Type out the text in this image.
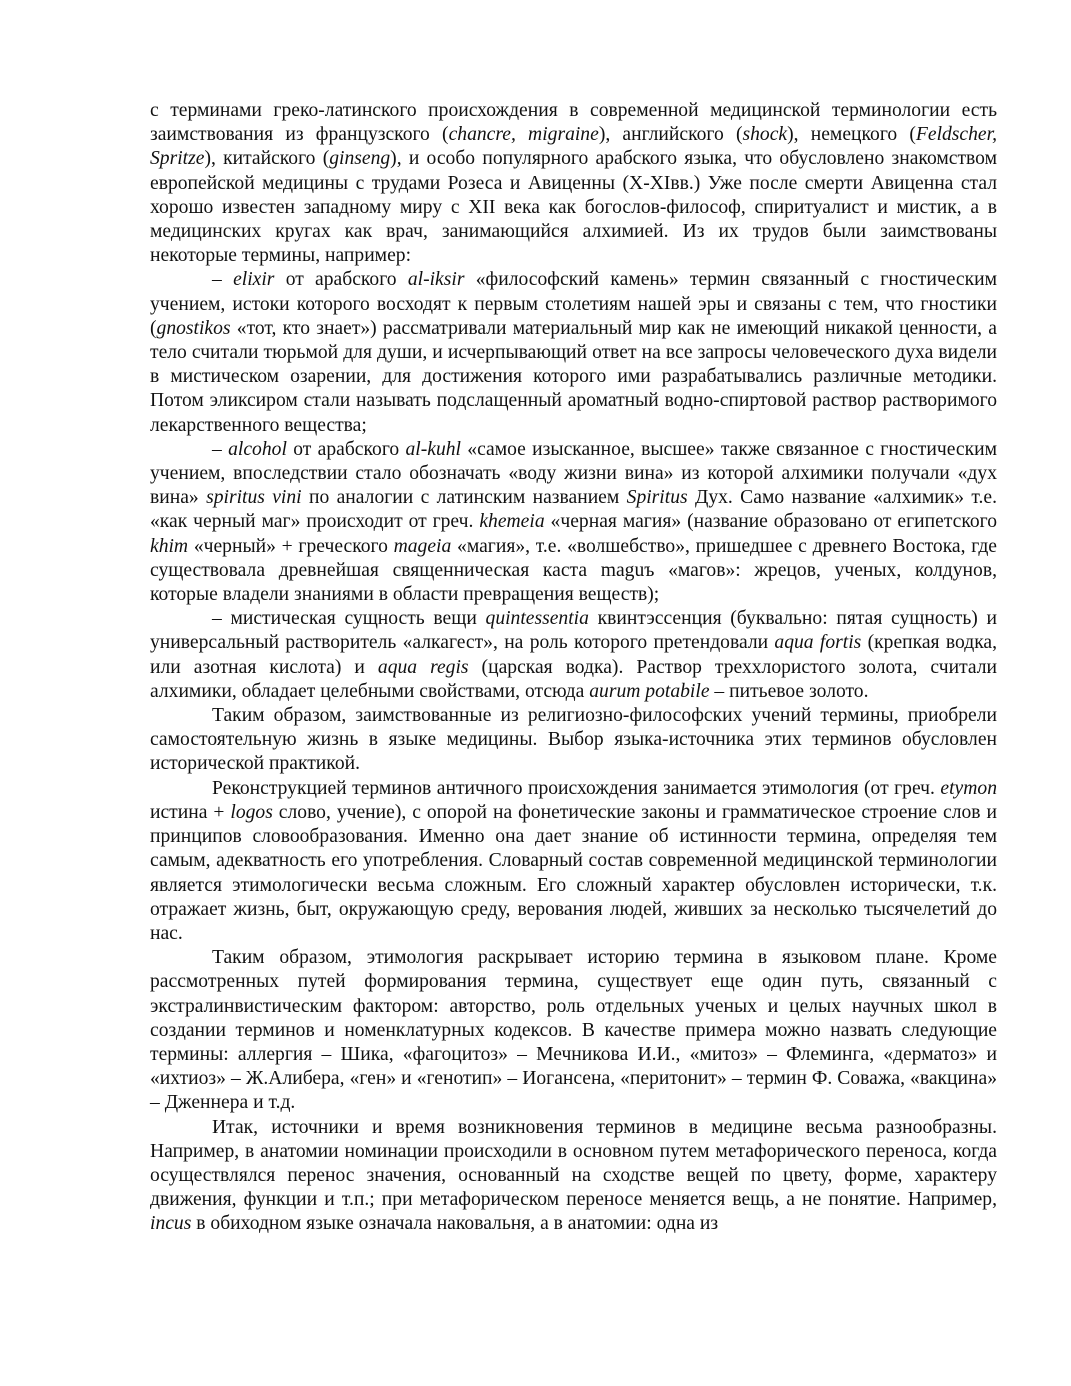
с терминами греко-латинского происхождения в современной медицинской терминологии есть заимствования из французского (chancre, migraine), английского (shock), немецкого (Feldscher, Spritze), китайского (ginseng), и особо популярного арабского языка, что обусловлено знакомством европейской медицины с трудами Розеса и Авиценны (X-XIвв.) Уже после смерти Авиценна стал хорошо известен западному миру с XII века как богослов-философ, спиритуалист и мистик, а в медицинских кругах как врач, занимающийся алхимией. Из их трудов были заимствованы некоторые термины, например:

– elixir от арабского al-iksir «философский камень» термин связанный с гностическим учением, истоки которого восходят к первым столетиям нашей эры и связаны с тем, что гностики (gnostikos «тот, кто знает») рассматривали материальный мир как не имеющий никакой ценности, а тело считали тюрьмой для души, и исчерпывающий ответ на все запросы человеческого духа видели в мистическом озарении, для достижения которого ими разрабатывались различные методики. Потом эликсиром стали называть подслащенный ароматный водно-спиртовой раствор растворимого лекарственного вещества;

– alcohol от арабского al-kuhl «самое изысканное, высшее» также связанное с гностическим учением, впоследствии стало обозначать «воду жизни вина» из которой алхимики получали «дух вина» spiritus vini по аналогии с латинским названием Spiritus Дух. Само название «алхимик» т.е. «как черный маг» происходит от греч. khemeia «черная магия» (название образовано от египетского khim «черный» + греческого mageia «магия», т.е. «волшебство», пришедшее с древнего Востока, где существовала древнейшая священническая каста maguъ «магов»: жрецов, ученых, колдунов, которые владели знаниями в области превращения веществ);

– мистическая сущность вещи quintessentia квинтэссенция (буквально: пятая сущность) и универсальный растворитель «алкагест», на роль которого претендовали aqua fortis (крепкая водка, или азотная кислота) и aqua regis (царская водка). Раствор треххлористого золота, считали алхимики, обладает целебными свойствами, отсюда aurum potabile – питьевое золото.

Таким образом, заимствованные из религиозно-философских учений термины, приобрели самостоятельную жизнь в языке медицины. Выбор языка-источника этих терминов обусловлен исторической практикой.

Реконструкцией терминов античного происхождения занимается этимология (от греч. etymon истина + logos слово, учение), с опорой на фонетические законы и грамматическое строение слов и принципов словообразования. Именно она дает знание об истинности термина, определяя тем самым, адекватность его употребления. Словарный состав современной медицинской терминологии является этимологически весьма сложным. Его сложный характер обусловлен исторически, т.к. отражает жизнь, быт, окружающую среду, верования людей, живших за несколько тысячелетий до нас.

Таким образом, этимология раскрывает историю термина в языковом плане. Кроме рассмотренных путей формирования термина, существует еще один путь, связанный с экстралинвистическим фактором: авторство, роль отдельных ученых и целых научных школ в создании терминов и номенклатурных кодексов. В качестве примера можно назвать следующие термины: аллергия – Шика, «фагоцитоз» – Мечникова И.И., «митоз» – Флеминга, «дерматоз» и «ихтиоз» – Ж.Алибера, «ген» и «генотип» – Иогансена, «перитонит» – термин Ф. Соважа, «вакцина» – Дженнера и т.д.

Итак, источники и время возникновения терминов в медицине весьма разнообразны. Например, в анатомии номинации происходили в основном путем метафорического переноса, когда осуществлялся перенос значения, основанный на сходстве вещей по цвету, форме, характеру движения, функции и т.п.; при метафорическом переносе меняется вещь, а не понятие. Например, incus в обиходном языке означала наковальня, а в анатомии: одна из
